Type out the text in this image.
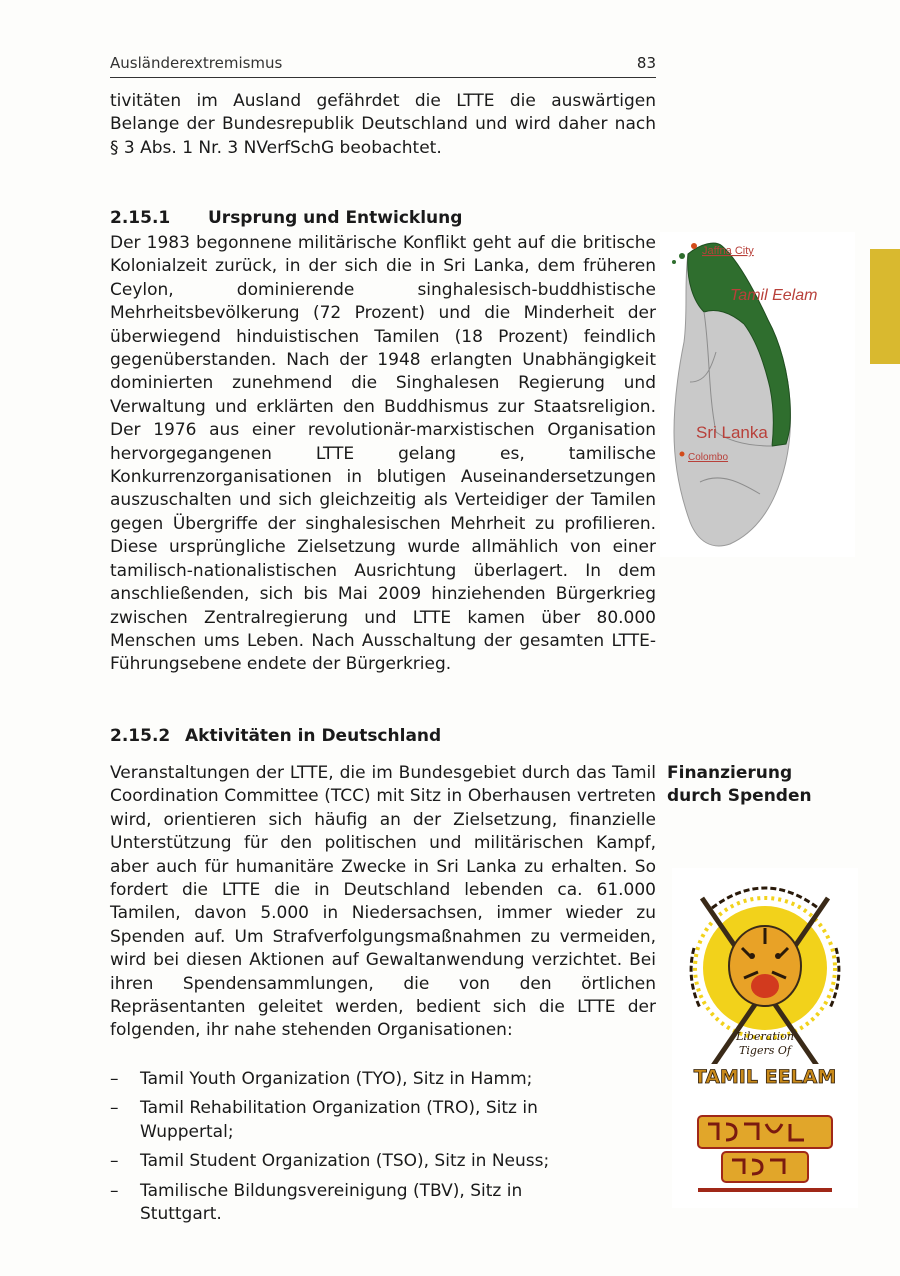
Ausländerextremismus	83

tivitäten im Ausland gefährdet die LTTE die auswärtigen Belange der Bundesrepublik Deutschland und wird daher nach § 3 Abs. 1 Nr. 3 NVerfSchG beobachtet.

2.15.1 Ursprung und Entwicklung

Der 1983 begonnene militärische Konflikt geht auf die britische Kolonialzeit zurück, in der sich die in Sri Lanka, dem früheren Ceylon, dominierende singhalesisch-buddhistische Mehrheitsbevölkerung (72 Prozent) und die Minderheit der überwiegend hinduistischen Tamilen (18 Prozent) feindlich gegenüberstanden. Nach der 1948 erlangten Unabhängigkeit dominierten zunehmend die Singhalesen Regierung und Verwaltung und erklärten den Buddhismus zur Staatsreligion. Der 1976 aus einer revolutionär-marxistischen Organisation hervorgegangenen LTTE gelang es, tamilische Konkurrenzorganisationen in blutigen Auseinandersetzungen auszuschalten und sich gleichzeitig als Verteidiger der Tamilen gegen Übergriffe der singhalesischen Mehrheit zu profilieren. Diese ursprüngliche Zielsetzung wurde allmählich von einer tamilisch-nationalistischen Ausrichtung überlagert. In dem anschließenden, sich bis Mai 2009 hinziehenden Bürgerkrieg zwischen Zentralregierung und LTTE kamen über 80.000 Menschen ums Leben. Nach Ausschaltung der gesamten LTTE-Führungsebene endete der Bürgerkrieg.

Jaffna City
Tamil Eelam
Sri Lanka
Colombo
2.15.2 Aktivitäten in Deutschland

Veranstaltungen der LTTE, die im Bundesgebiet durch das Tamil Coordination Committee (TCC) mit Sitz in Oberhausen vertreten wird, orientieren sich häufig an der Zielsetzung, finanzielle Unterstützung für den politischen und militärischen Kampf, aber auch für humanitäre Zwecke in Sri Lanka zu erhalten. So fordert die LTTE die in Deutschland lebenden ca. 61.000 Tamilen, davon 5.000 in Niedersachsen, immer wieder zu Spenden auf. Um Strafverfolgungsmaßnahmen zu vermeiden, wird bei diesen Aktionen auf Gewaltanwendung verzichtet. Bei ihren Spendensammlungen, die von den örtlichen Repräsentanten geleitet werden, bedient sich die LTTE der folgenden, ihr nahe stehenden Organisationen:

Finanzierung
durch Spenden
– Tamil Youth Organization (TYO), Sitz in Hamm;
– Tamil Rehabilitation Organization (TRO), Sitz in Wuppertal;
– Tamil Student Organization (TSO), Sitz in Neuss;
– Tamilische Bildungsvereinigung (TBV), Sitz in Stuttgart.
Liberation
Tigers Of
TAMIL EELAM
